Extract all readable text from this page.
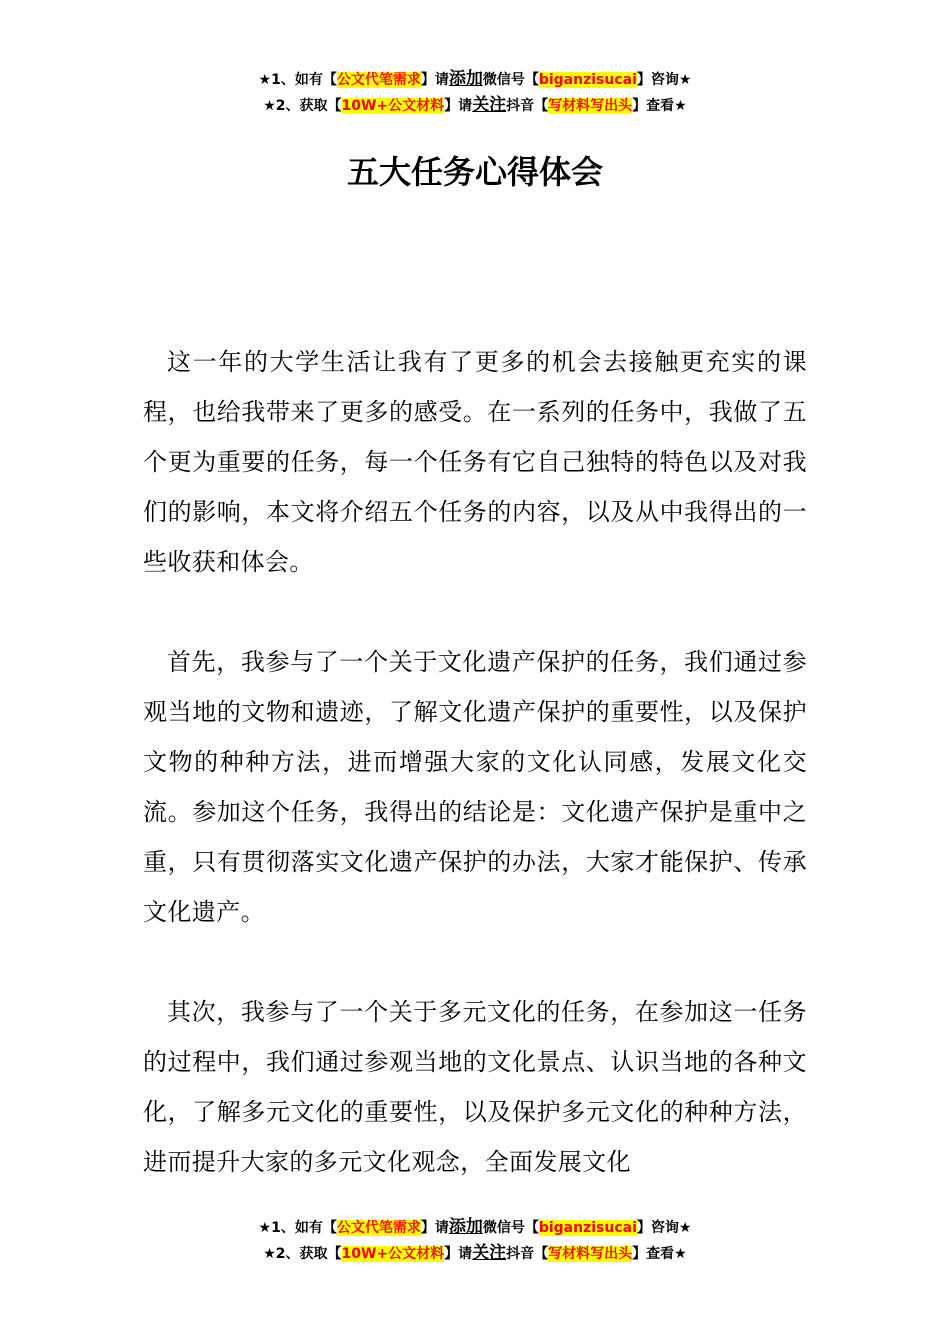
★1、如有【公文代笔需求】请添加微信号【biganzisucai】咨询★
★2、获取【10W+公文材料】请关注抖音【写材料写出头】查看★
五大任务心得体会

这一年的大学生活让我有了更多的机会去接触更充实的课程，也给我带来了更多的感受。在一系列的任务中，我做了五个更为重要的任务，每一个任务有它自己独特的特色以及对我们的影响，本文将介绍五个任务的内容，以及从中我得出的一些收获和体会。

首先，我参与了一个关于文化遗产保护的任务，我们通过参观当地的文物和遗迹，了解文化遗产保护的重要性，以及保护文物的种种方法，进而增强大家的文化认同感，发展文化交流。参加这个任务，我得出的结论是：文化遗产保护是重中之重，只有贯彻落实文化遗产保护的办法，大家才能保护、传承文化遗产。

其次，我参与了一个关于多元文化的任务，在参加这一任务的过程中，我们通过参观当地的文化景点、认识当地的各种文化，了解多元文化的重要性，以及保护多元文化的种种方法，进而提升大家的多元文化观念，全面发展文化

★1、如有【公文代笔需求】请添加微信号【biganzisucai】咨询★
★2、获取【10W+公文材料】请关注抖音【写材料写出头】查看★
